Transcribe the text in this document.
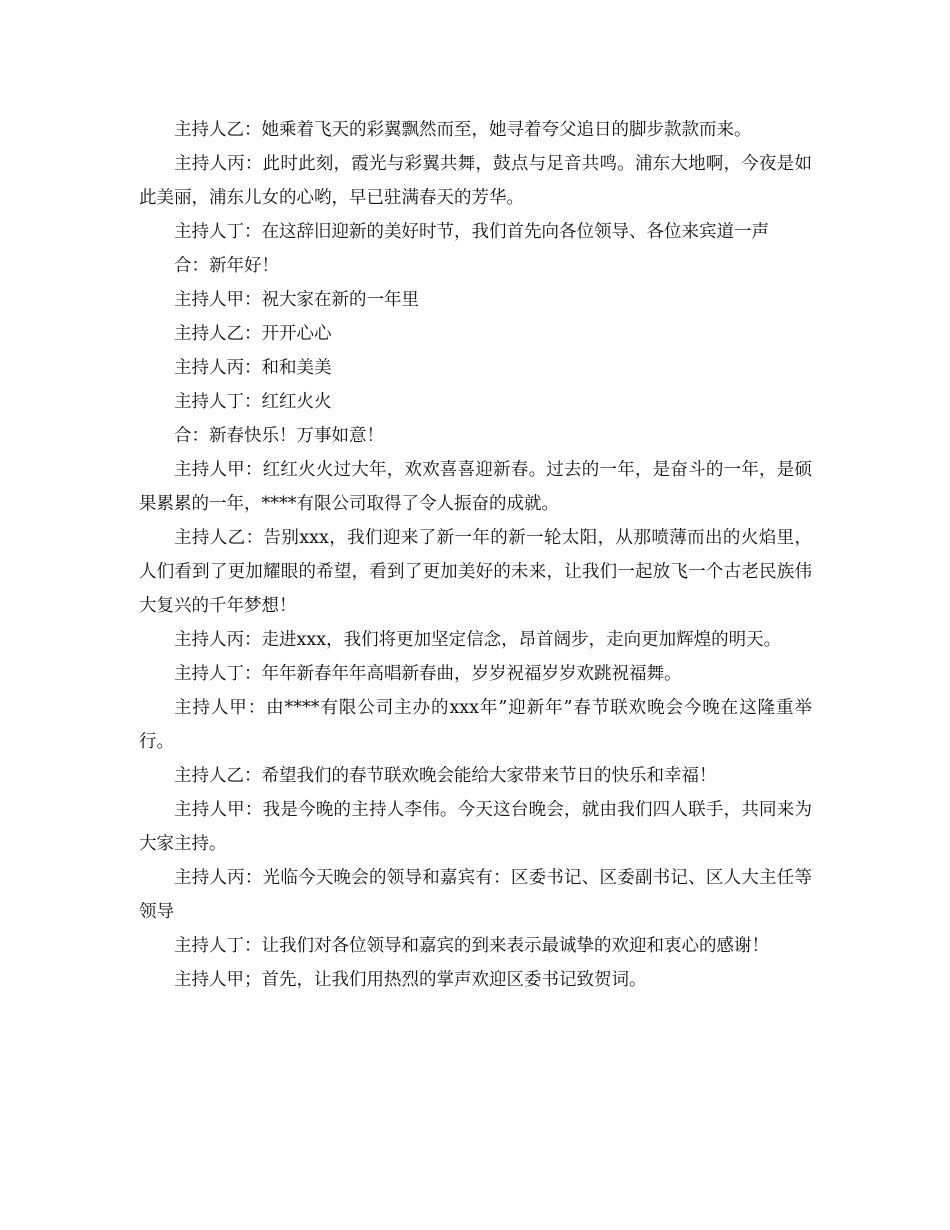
主持人乙：她乘着飞天的彩翼飘然而至，她寻着夸父追日的脚步款款而来。

主持人丙：此时此刻，霞光与彩翼共舞，鼓点与足音共鸣。浦东大地啊，今夜是如此美丽，浦东儿女的心哟，早已驻满春天的芳华。

主持人丁：在这辞旧迎新的美好时节，我们首先向各位领导、各位来宾道一声

合：新年好！

主持人甲：祝大家在新的一年里

主持人乙：开开心心

主持人丙：和和美美

主持人丁：红红火火

合：新春快乐！万事如意！

主持人甲：红红火火过大年，欢欢喜喜迎新春。过去的一年，是奋斗的一年，是硕果累累的一年，****有限公司取得了令人振奋的成就。

主持人乙：告别xxx，我们迎来了新一年的新一轮太阳，从那喷薄而出的火焰里，人们看到了更加耀眼的希望，看到了更加美好的未来，让我们一起放飞一个古老民族伟大复兴的千年梦想！

主持人丙：走进xxx，我们将更加坚定信念，昂首阔步，走向更加辉煌的明天。

主持人丁：年年新春年年高唱新春曲，岁岁祝福岁岁欢跳祝福舞。

主持人甲：由****有限公司主办的xxx年”迎新年”春节联欢晚会今晚在这隆重举行。

主持人乙：希望我们的春节联欢晚会能给大家带来节日的快乐和幸福！

主持人甲：我是今晚的主持人李伟。今天这台晚会，就由我们四人联手，共同来为大家主持。

主持人丙：光临今天晚会的领导和嘉宾有：区委书记、区委副书记、区人大主任等领导

主持人丁：让我们对各位领导和嘉宾的到来表示最诚挚的欢迎和衷心的感谢！

主持人甲；首先，让我们用热烈的掌声欢迎区委书记致贺词。
